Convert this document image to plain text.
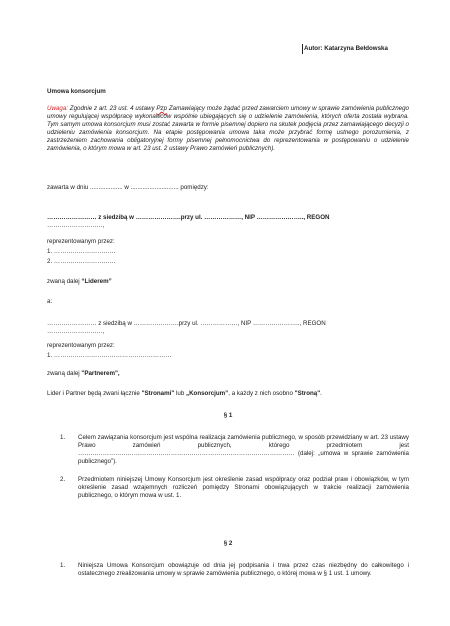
Autor: Katarzyna Bełdowska
Umowa konsorcjum
Uwaga: Zgodnie z art. 23 ust. 4 ustawy Pzp Zamawiający może żądać przed zawarciem umowy w sprawie zamówienia publicznego umowy regulującej współpracę wykonawców wspólnie ubiegających się o udzielenie zamówienia, których oferta została wybrana. Tym samym umowa konsorcjum musi zostać zawarta w formie pisemnej dopiero na skutek podjęcia przez zamawiającego decyzji o udzieleniu zamówienia konsorcjum. Na etapie postępowania umowa taka może przybrać formę ustnego porozumienia, z zastrzeżeniem zachowania obligatoryjnej formy pisemnej pełnomocnictwa do reprezentowania w postępowaniu o udzielenie zamówienia, o którym mowa w art. 23 ust. 2 ustawy Prawo zamówień publicznych).
zawarta w dniu ................... w ............................ pomiędzy:
…………………… z siedzibą w ………………….przy ul. ………………, NIP ………………….., REGON
………………………,
reprezentowanym przez:
1. …………………………
2. …………………………
zwaną dalej “Liderem”
a:
…………………… z siedzibą w ………………….przy ul. ………………, NIP ………………….., REGON
………………………,
reprezentowanym przez:
1. …………………………………………………
zwaną dalej "Partnerem",
Lider i Partner będą zwani łącznie "Stronami" lub „Konsorcjum”, a każdy z nich osobno "Stroną".
§ 1
1. Celem zawiązania konsorcjum jest wspólna realizacja zamówienia publicznego, w sposób przewidziany w art. 23 ustawy Prawo zamówień publicznych, którego przedmiotem jest …………………………………………………………………………………………… (dalej: „umowa w sprawie zamówienia publicznego”).
2. Przedmiotem niniejszej Umowy Konsorcjum jest określenie zasad współpracy oraz podział praw i obowiązków, w tym określenie zasad wzajemnych rozliczeń pomiędzy Stronami obowiązujących w trakcie realizacji zamówienia publicznego, o którym mowa w ust. 1.
§ 2
1. Niniejsza Umowa Konsorcjum obowiązuje od dnia jej podpisania i trwa przez czas niezbędny do całkowitego i ostatecznego zrealizowania umowy w sprawie zamówienia publicznego, o której mowa w § 1 ust. 1 umowy.
